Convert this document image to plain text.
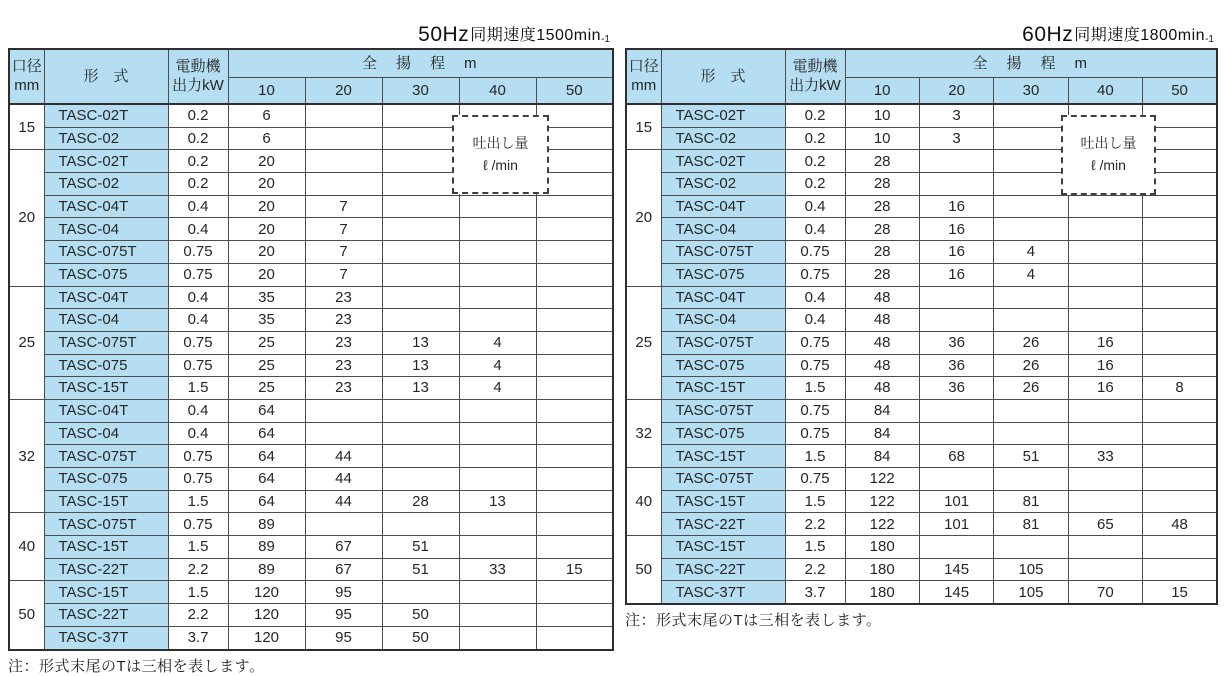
50Hz 同期速度$1500\min_{-1}$
口径
mm	形　式	電動機
出力kW	全　揚　程　m				
			10	20	30	40	50
15	TASC-02T	0.2	6				
	TASC-02	0.2	6				
20	TASC-02T	0.2	20				
	TASC-02	0.2	20				
	TASC-04T	0.4	20	7			
	TASC-04	0.4	20	7			
	TASC-075T	0.75	20	7			
	TASC-075	0.75	20	7			
25	TASC-04T	0.4	35	23			
	TASC-04	0.4	35	23			
	TASC-075T	0.75	25	23	13	4	
	TASC-075	0.75	25	23	13	4	
	TASC-15T	1.5	25	23	13	4	
32	TASC-04T	0.4	64				
	TASC-04	0.4	64				
	TASC-075T	0.75	64	44			
	TASC-075	0.75	64	44			
	TASC-15T	1.5	64	44	28	13	
40	TASC-075T	0.75	89				
	TASC-15T	1.5	89	67	51		
	TASC-22T	2.2	89	67	51	33	15
50	TASC-15T	1.5	120	95			
	TASC-22T	2.2	120	95	50		
	TASC-37T	3.7	120	95	50		
注：形式末尾のTは三相を表します。
吐出し量
ℓ /min
60Hz 同期速度$1800\min_{-1}$
口径
mm	形　式	電動機
出力kW	全　揚　程　m				
			10	20	30	40	50
15	TASC-02T	0.2	10	3			
	TASC-02	0.2	10	3			
20	TASC-02T	0.2	28				
	TASC-02	0.2	28				
	TASC-04T	0.4	28	16			
	TASC-04	0.4	28	16			
	TASC-075T	0.75	28	16	4		
	TASC-075	0.75	28	16	4		
25	TASC-04T	0.4	48				
	TASC-04	0.4	48				
	TASC-075T	0.75	48	36	26	16	
	TASC-075	0.75	48	36	26	16	
	TASC-15T	1.5	48	36	26	16	8
32	TASC-075T	0.75	84				
	TASC-075	0.75	84				
	TASC-15T	1.5	84	68	51	33	
40	TASC-075T	0.75	122				
	TASC-15T	1.5	122	101	81		
	TASC-22T	2.2	122	101	81	65	48
50	TASC-15T	1.5	180				
	TASC-22T	2.2	180	145	105		
	TASC-37T	3.7	180	145	105	70	15
注：形式末尾のTは三相を表します。
吐出し量
ℓ /min
